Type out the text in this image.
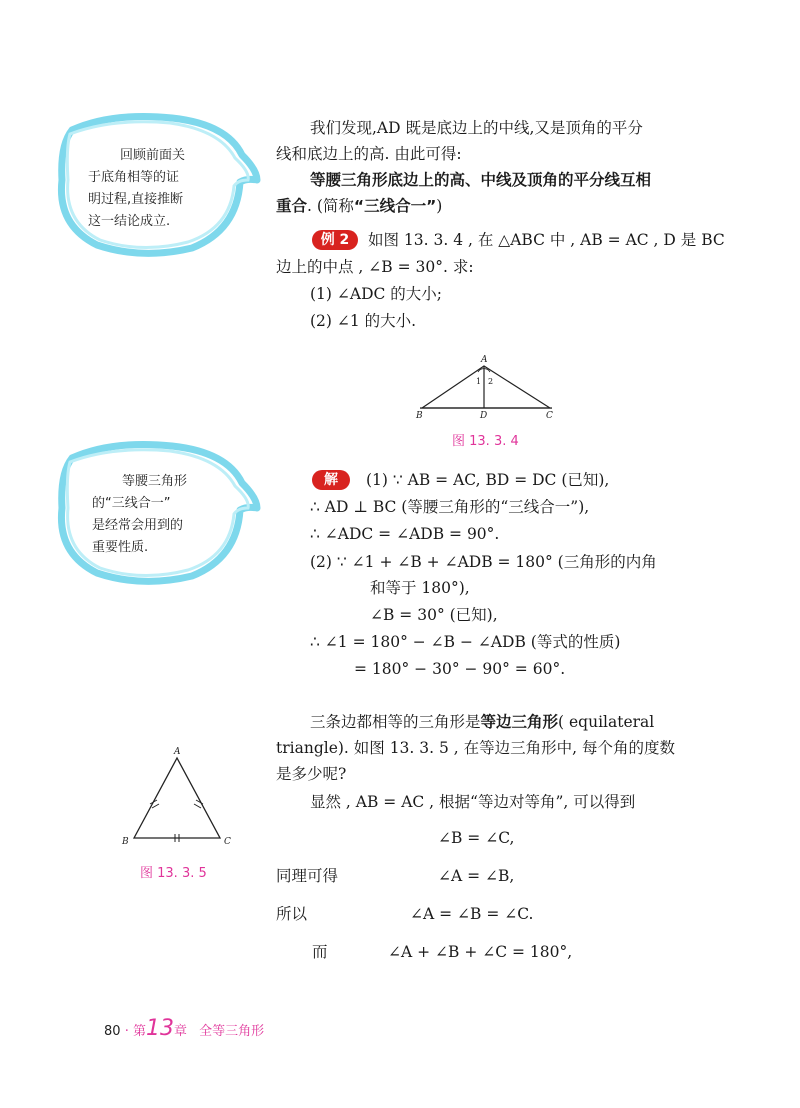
回顾前面关
于底角相等的证
明过程,直接推断
这一结论成立.
等腰三角形
的“三线合一”
是经常会用到的
重要性质.
我们发现,AD 既是底边上的中线,又是顶角的平分
线和底边上的高. 由此可得:
等腰三角形底边上的高、中线及顶角的平分线互相
重合. (简称“三线合一”)
例 2	如图 13. 3. 4 , 在 △ABC 中 , AB = AC , D 是 BC
边上的中点 , ∠B = 30°. 求:
(1) ∠ADC 的大小;
(2) ∠1 的大小.
A
1 2
B	D	C
图 13. 3. 4
解	(1) ∵ AB = AC, BD = DC (已知),
∴ AD ⊥ BC (等腰三角形的“三线合一”),
∴ ∠ADC = ∠ADB = 90°.
(2) ∵ ∠1 + ∠B + ∠ADB = 180° (三角形的内角
和等于 180°),
∠B = 30° (已知),
∴ ∠1 = 180° − ∠B − ∠ADB (等式的性质)
= 180° − 30° − 90° = 60°.
三条边都相等的三角形是等边三角形( equilateral
triangle). 如图 13. 3. 5 , 在等边三角形中, 每个角的度数
是多少呢?
显然 , AB = AC , 根据“等边对等角”, 可以得到
∠B = ∠C,
同理可得	∠A = ∠B,
所以	∠A = ∠B = ∠C.
而	∠A + ∠B + ∠C = 180°,
A
B	C
图 13. 3. 5
80 · 第13章 全等三角形
